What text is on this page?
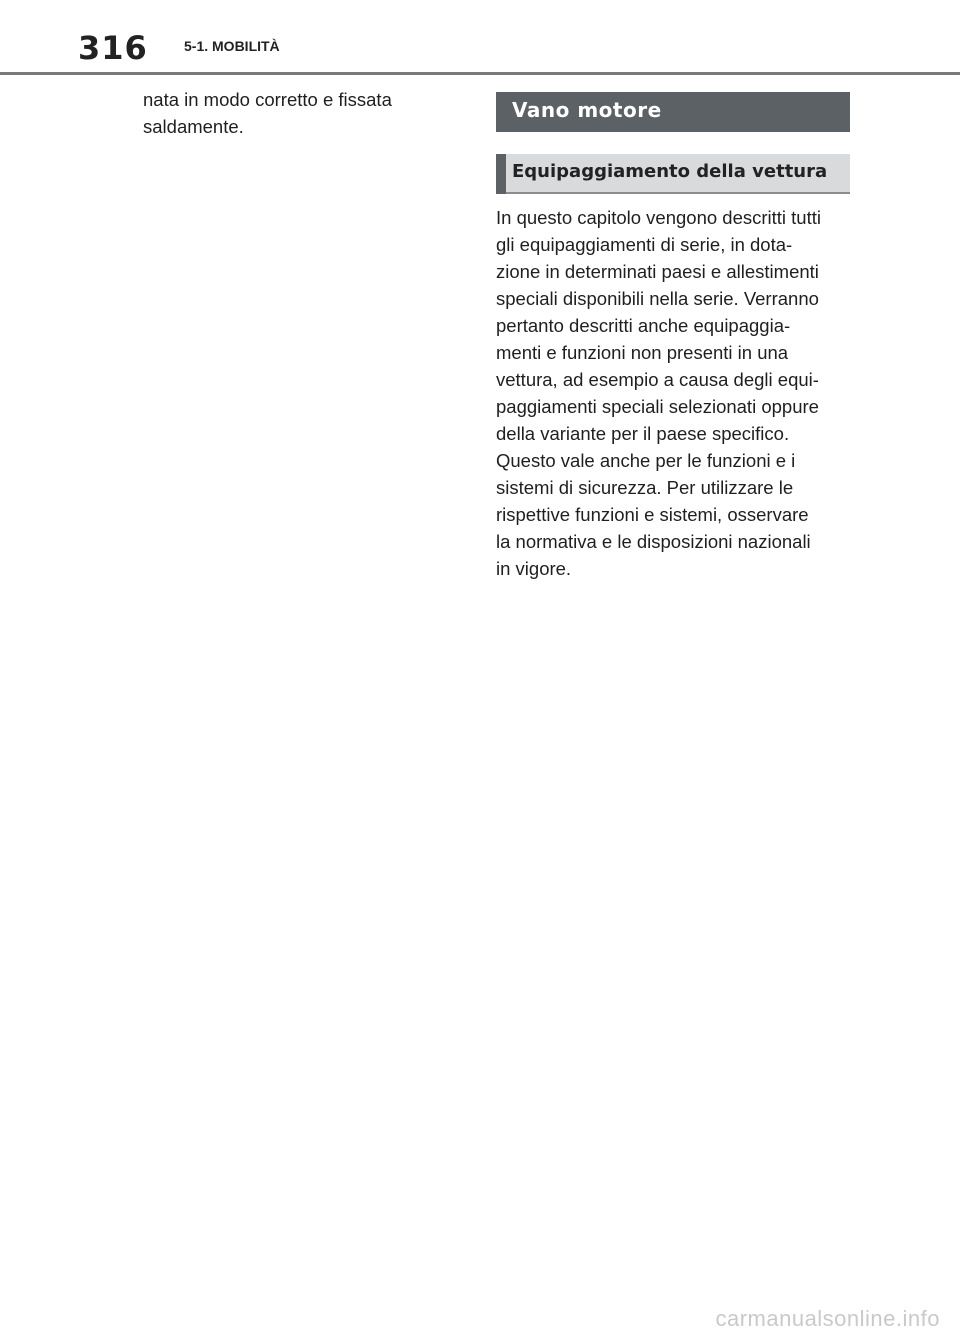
316	5-1. MOBILITÀ

nata in modo corretto e fissata

saldamente.

Vano motore
Equipaggiamento della vettura

In questo capitolo vengono descritti tutti

gli equipaggiamenti di serie, in dota-

zione in determinati paesi e allestimenti

speciali disponibili nella serie. Verranno

pertanto descritti anche equipaggia-

menti e funzioni non presenti in una

vettura, ad esempio a causa degli equi-

paggiamenti speciali selezionati oppure

della variante per il paese specifico.

Questo vale anche per le funzioni e i

sistemi di sicurezza. Per utilizzare le

rispettive funzioni e sistemi, osservare

la normativa e le disposizioni nazionali

in vigore.

carmanualsonline.info
